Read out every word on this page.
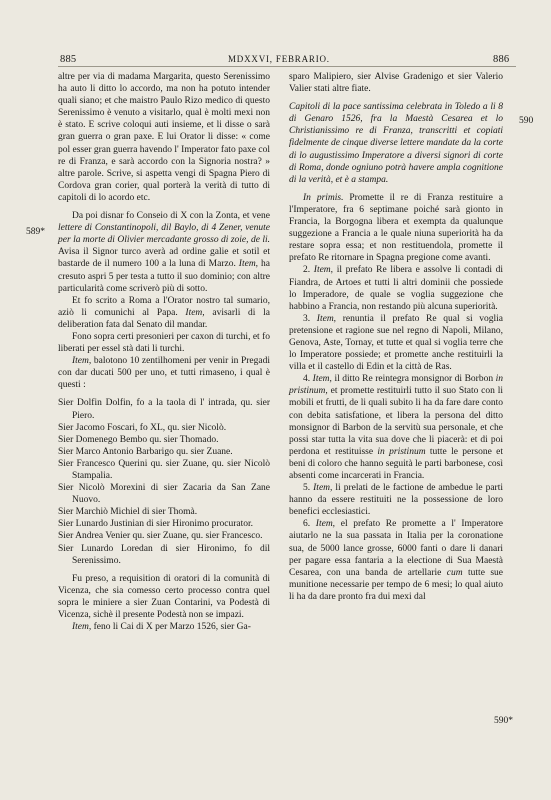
885	MDXXVI, FEBRARIO.	886
589*
590
590*

altre per via di madama Margarita, questo Serenissimo ha auto li ditto lo accordo, ma non ha potuto intender quali siano; et che maistro Paulo Rizo medico di questo Serenissimo è venuto a visitarlo, qual è molti mexi non è stato. E scrive coloqui auti insieme, et li disse o sarà gran guerra o gran paxe. E lui Orator li disse: « come pol esser gran guerra havendo l' Imperator fato paxe col re di Franza, e sarà accordo con la Signoria nostra? » altre parole. Scrive, si aspetta vengi di Spagna Piero di Cordova gran corier, qual porterà la verità di tutto di capitoli di lo acordo etc.

Da poi disnar fo Conseio di X con la Zonta, et vene lettere di Constantinopoli, dil Baylo, di 4 Zener, venute per la morte di Olivier mercadante grosso di zoie, de li. Avisa il Signor turco averà ad ordine galie et sotil et bastarde de il numero 100 a la luna di Marzo. Item, ha cresuto aspri 5 per testa a tutto il suo dominio; con altre particularità come scriverò più di sotto.

Et fo scrito a Roma a l'Orator nostro tal sumario, aziò li comunichi al Papa. Item, avisarli di la deliberation fata dal Senato dil mandar.

Fono sopra certi presonieri per caxon di turchi, et fo liberati per essel stà dati li turchi.

Item, balotono 10 zentilhomeni per venir in Pregadi con dar ducati 500 per uno, et tutti rimaseno, i qual è questi :

Sier Dolfin Dolfin, fo a la taola di l' intrada, qu. sier Piero.

Sier Jacomo Foscari, fo XL, qu. sier Nicolò.

Sier Domenego Bembo qu. sier Thomado.

Sier Marco Antonio Barbarigo qu. sier Zuane.

Sier Francesco Querini qu. sier Zuane, qu. sier Nicolò Stampalia.

Sier Nicolò Morexini di sier Zacaria da San Zane Nuovo.

Sier Marchiò Michiel di sier Thomà.

Sier Lunardo Justinian di sier Hironimo procurator.

Sier Andrea Venier qu. sier Zuane, qu. sier Francesco.

Sier Lunardo Loredan di sier Hironimo, fo dil Serenissimo.

Fu preso, a requisition di oratori di la comunità di Vicenza, che sia comesso certo processo contra quel sopra le miniere a sier Zuan Contarini, va Podestà di Vicenza, sichè il presente Podestà non se impazi.

Item, feno li Cai di X per Marzo 1526, sier Ga-

sparo Malipiero, sier Alvise Gradenigo et sier Valerio Valier stati altre fiate.

Capitoli di la pace santissima celebrata in Toledo a li 8 di Genaro 1526, fra la Maestà Cesarea et lo Christianissimo re di Franza, transcritti et copiati fidelmente de cinque diverse lettere mandate da la corte di lo augustissimo Imperatore a diversi signori di corte di Roma, donde ogniuno potrà havere ampla cognitione di la verità, et è a stampa.

In primis. Promette il re di Franza restituire a l'Imperatore, fra 6 septimane poiché sarà gionto in Francia, la Borgogna libera et exempta da qualunque suggezione a Francia a le quale niuna superiorità ha da restare sopra essa; et non restituendola, promette il prefato Re ritornare in Spagna pregione come avanti.

2. Item, il prefato Re libera e assolve li contadi di Fiandra, de Artoes et tutti li altri dominii che possiede lo Imperadore, de quale se voglia suggezione che habbino a Francia, non restando più alcuna superiorità.

3. Item, renuntia il prefato Re qual si voglia pretensione et ragione sue nel regno di Napoli, Milano, Genova, Aste, Tornay, et tutte et qual si voglia terre che lo Imperatore possiede; et promette anche restituirli la villa et il castello di Edin et la città de Ras.

4. Item, il ditto Re reintegra monsignor di Borbon in pristinum, et promette restituirli tutto il suo Stato con li mobili et frutti, de li quali subito li ha da fare dare conto con debita satisfatione, et libera la persona del ditto monsignor di Barbon de la servitù sua personale, et che possi star tutta la vita sua dove che li piacerà: et di poi perdona et restituisse in pristinum tutte le persone et beni di coloro che hanno seguità le parti barbonese, così absenti come incarcerati in Francia.

5. Item, li prelati de le factione de ambedue le parti hanno da essere restituiti ne la possessione de loro benefici ecclesiastici.

6. Item, el prefato Re promette a l' Imperatore aiutarlo ne la sua passata in Italia per la coronatione sua, de 5000 lance grosse, 6000 fanti o dare li danari per pagare essa fantaria a la electione di Sua Maestà Cesarea, con una banda de artellarie cum tutte sue munitione necessarie per tempo de 6 mesi; lo qual aiuto li ha da dare pronto fra dui mexi dal
